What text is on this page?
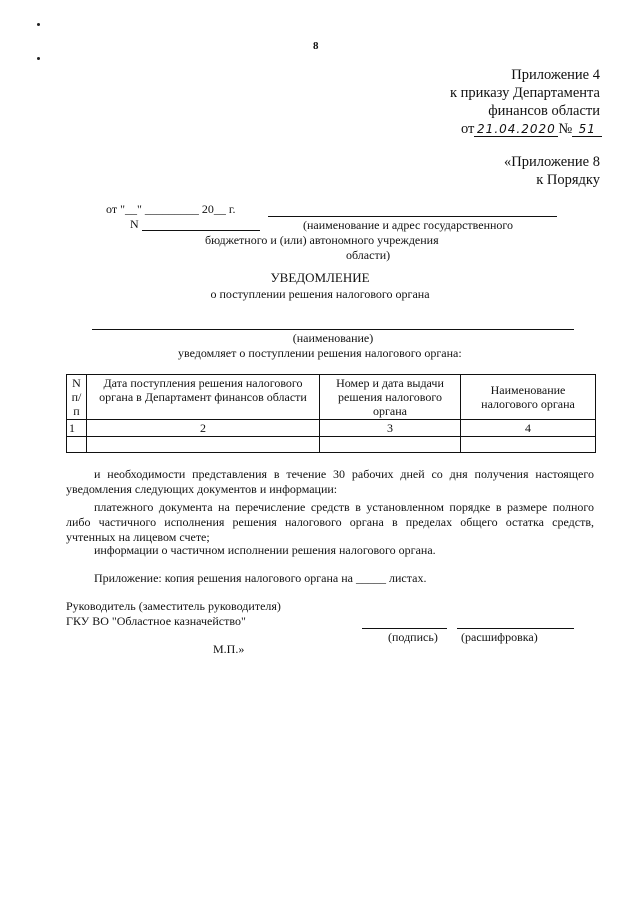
8
Приложение 4
к приказу Департамента
финансов области
от 21.04.2020 № 51
«Приложение 8
к Порядку
от "__" _________ 20__ г.
N	(наименование и адрес государственного
бюджетного и (или) автономного учреждения
области)
УВЕДОМЛЕНИЕ
о поступлении решения налогового органа
(наименование)
уведомляет о поступлении решения налогового органа:
N п/п	Дата поступления решения налогового органа в Департамент финансов области	Номер и дата выдачи решения налогового органа	Наименование налогового органа
1	2	3	4

и необходимости представления в течение 30 рабочих дней со дня получения настоящего уведомления следующих документов и информации:
платежного документа на перечисление средств в установленном порядке в размере полного либо частичного исполнения решения налогового органа в пределах общего остатка средств, учтенных на лицевом счете;
информации о частичном исполнении решения налогового органа.
Приложение: копия решения налогового органа на _____ листах.
Руководитель (заместитель руководителя)
ГКУ ВО "Областное казначейство"
(подпись) (расшифровка)
М.П.»
